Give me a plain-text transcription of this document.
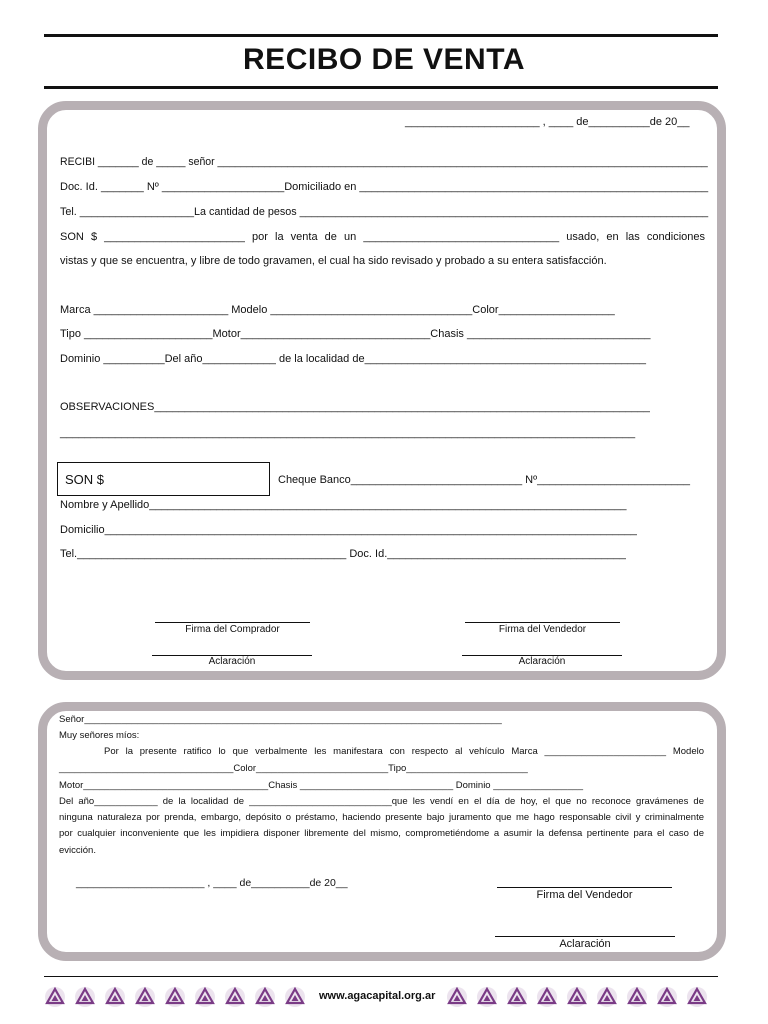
RECIBO DE VENTA
______________________ , ____ de__________de 20__
RECIBI _______ de _____ señor ____________________________________________________________________________________
Doc. Id. _______ Nº ____________________Domiciliado en _________________________________________________________
Tel. ___________________La cantidad de pesos ____________________________________________________________________
SON $ _______________________ por la venta de un ________________________________ usado, en las condiciones
vistas y que se encuentra, y libre de todo gravamen, el cual ha sido revisado y probado a su entera satisfacción.
Marca ______________________ Modelo _________________________________Color___________________
Tipo _____________________Motor_______________________________Chasis ______________________________
Dominio __________Del año____________ de la localidad de______________________________________________
OBSERVACIONES_________________________________________________________________________________
______________________________________________________________________________________________
SON $	Cheque Banco____________________________ Nº_________________________
Nombre y Apellido______________________________________________________________________________
Domicilio_______________________________________________________________________________________
Tel.____________________________________________ Doc. Id._______________________________________
Firma del Comprador	Firma del Vendedor
Aclaración	Aclaración
Señor_______________________________________________________________________________
Muy señores míos:
Por la presente ratifico lo que verbalmente les manifestara con respecto al vehículo Marca _______________________ Modelo
_________________________________Color_________________________Tipo_______________________
Motor___________________________________Chasis _____________________________ Dominio _________________
Del año____________ de la localidad de ___________________________que les vendí en el día de hoy, el que no reconoce gravámenes de
ninguna naturaleza por prenda, embargo, depósito o préstamo, haciendo presente bajo juramento que me hago responsable civil y criminalmente
por cualquier inconveniente que les impidiera disponer libremente del mismo, comprometiéndome a asumir la defensa pertinente para el caso de
evicción.
______________________ , ____ de__________de 20__
Firma del Vendedor
Aclaración
www.agacapital.org.ar
